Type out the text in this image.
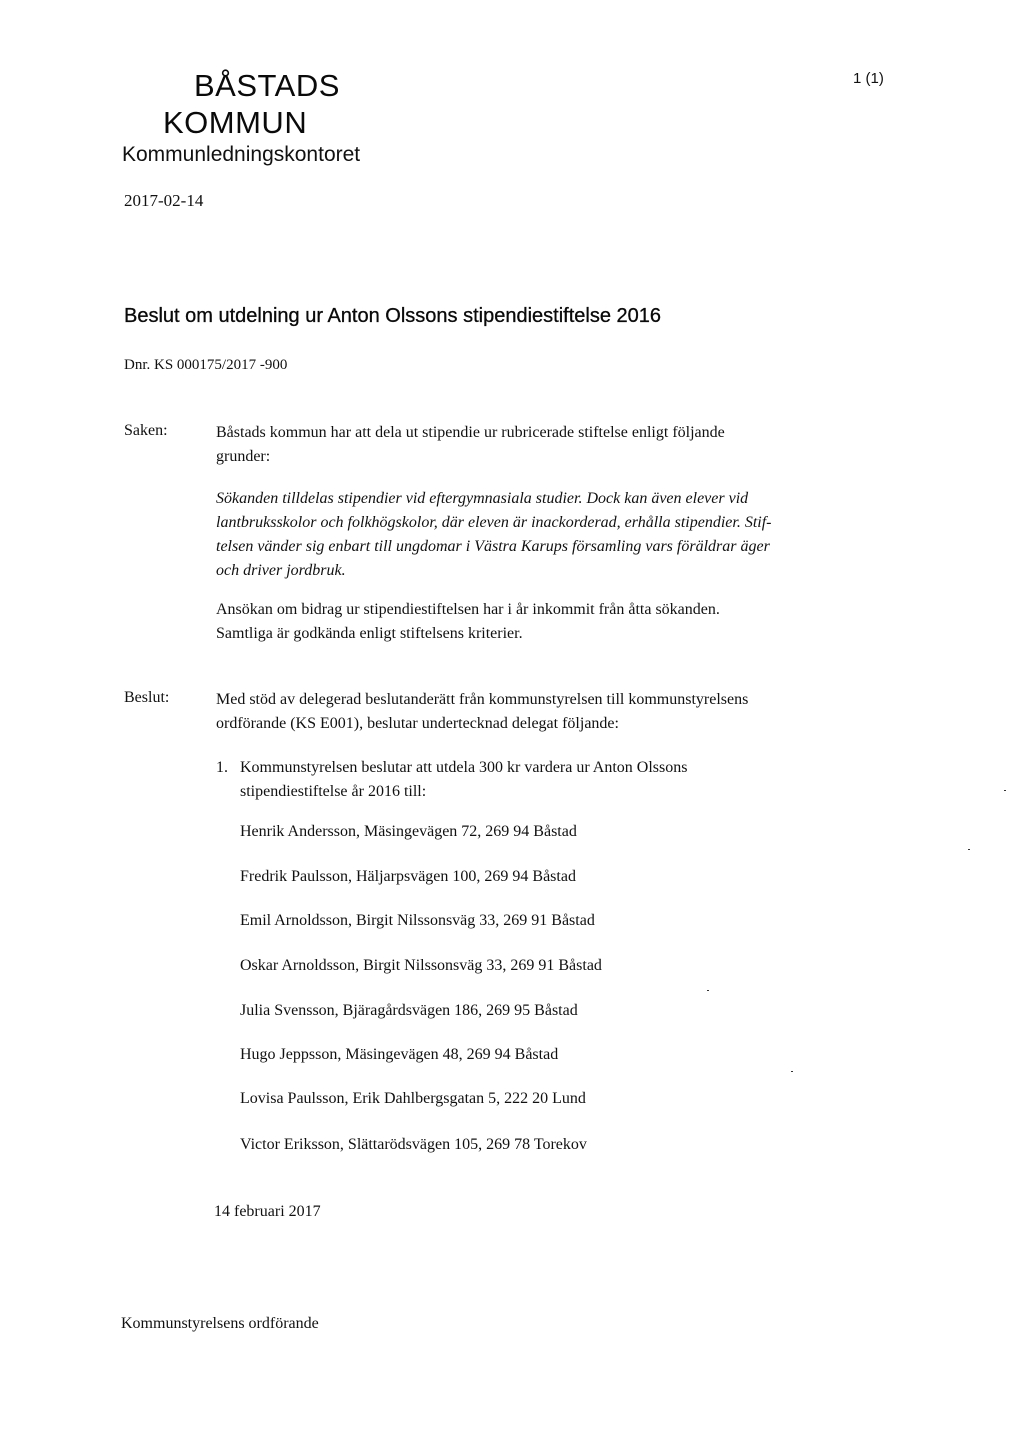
BÅSTADS
KOMMUN
Kommunledningskontoret
1 (1)
2017-02-14
Beslut om utdelning ur Anton Olssons stipendiestiftelse 2016
Dnr. KS 000175/2017 -900
Saken:	Båstads kommun har att dela ut stipendie ur rubricerade stiftelse enligt följande
grunder:
Sökanden tilldelas stipendier vid eftergymnasiala studier. Dock kan även elever vid
lantbruksskolor och folkhögskolor, där eleven är inackorderad, erhålla stipendier. Stif-
telsen vänder sig enbart till ungdomar i Västra Karups församling vars föräldrar äger
och driver jordbruk.
Ansökan om bidrag ur stipendiestiftelsen har i år inkommit från åtta sökanden.
Samtliga är godkända enligt stiftelsens kriterier.
Beslut:	Med stöd av delegerad beslutanderätt från kommunstyrelsen till kommunstyrelsens
ordförande (KS E001), beslutar undertecknad delegat följande:
1. Kommunstyrelsen beslutar att utdela 300 kr vardera ur Anton Olssons
stipendiestiftelse år 2016 till:
Henrik Andersson, Mäsingevägen 72, 269 94 Båstad
Fredrik Paulsson, Häljarpsvägen 100, 269 94 Båstad
Emil Arnoldsson, Birgit Nilssonsväg 33, 269 91 Båstad
Oskar Arnoldsson, Birgit Nilssonsväg 33, 269 91 Båstad
Julia Svensson, Bjäragårdsvägen 186, 269 95 Båstad
Hugo Jeppsson, Mäsingevägen 48, 269 94 Båstad
Lovisa Paulsson, Erik Dahlbergsgatan 5, 222 20 Lund
Victor Eriksson, Slättarödsvägen 105, 269 78 Torekov
14 februari 2017
Kommunstyrelsens ordförande
